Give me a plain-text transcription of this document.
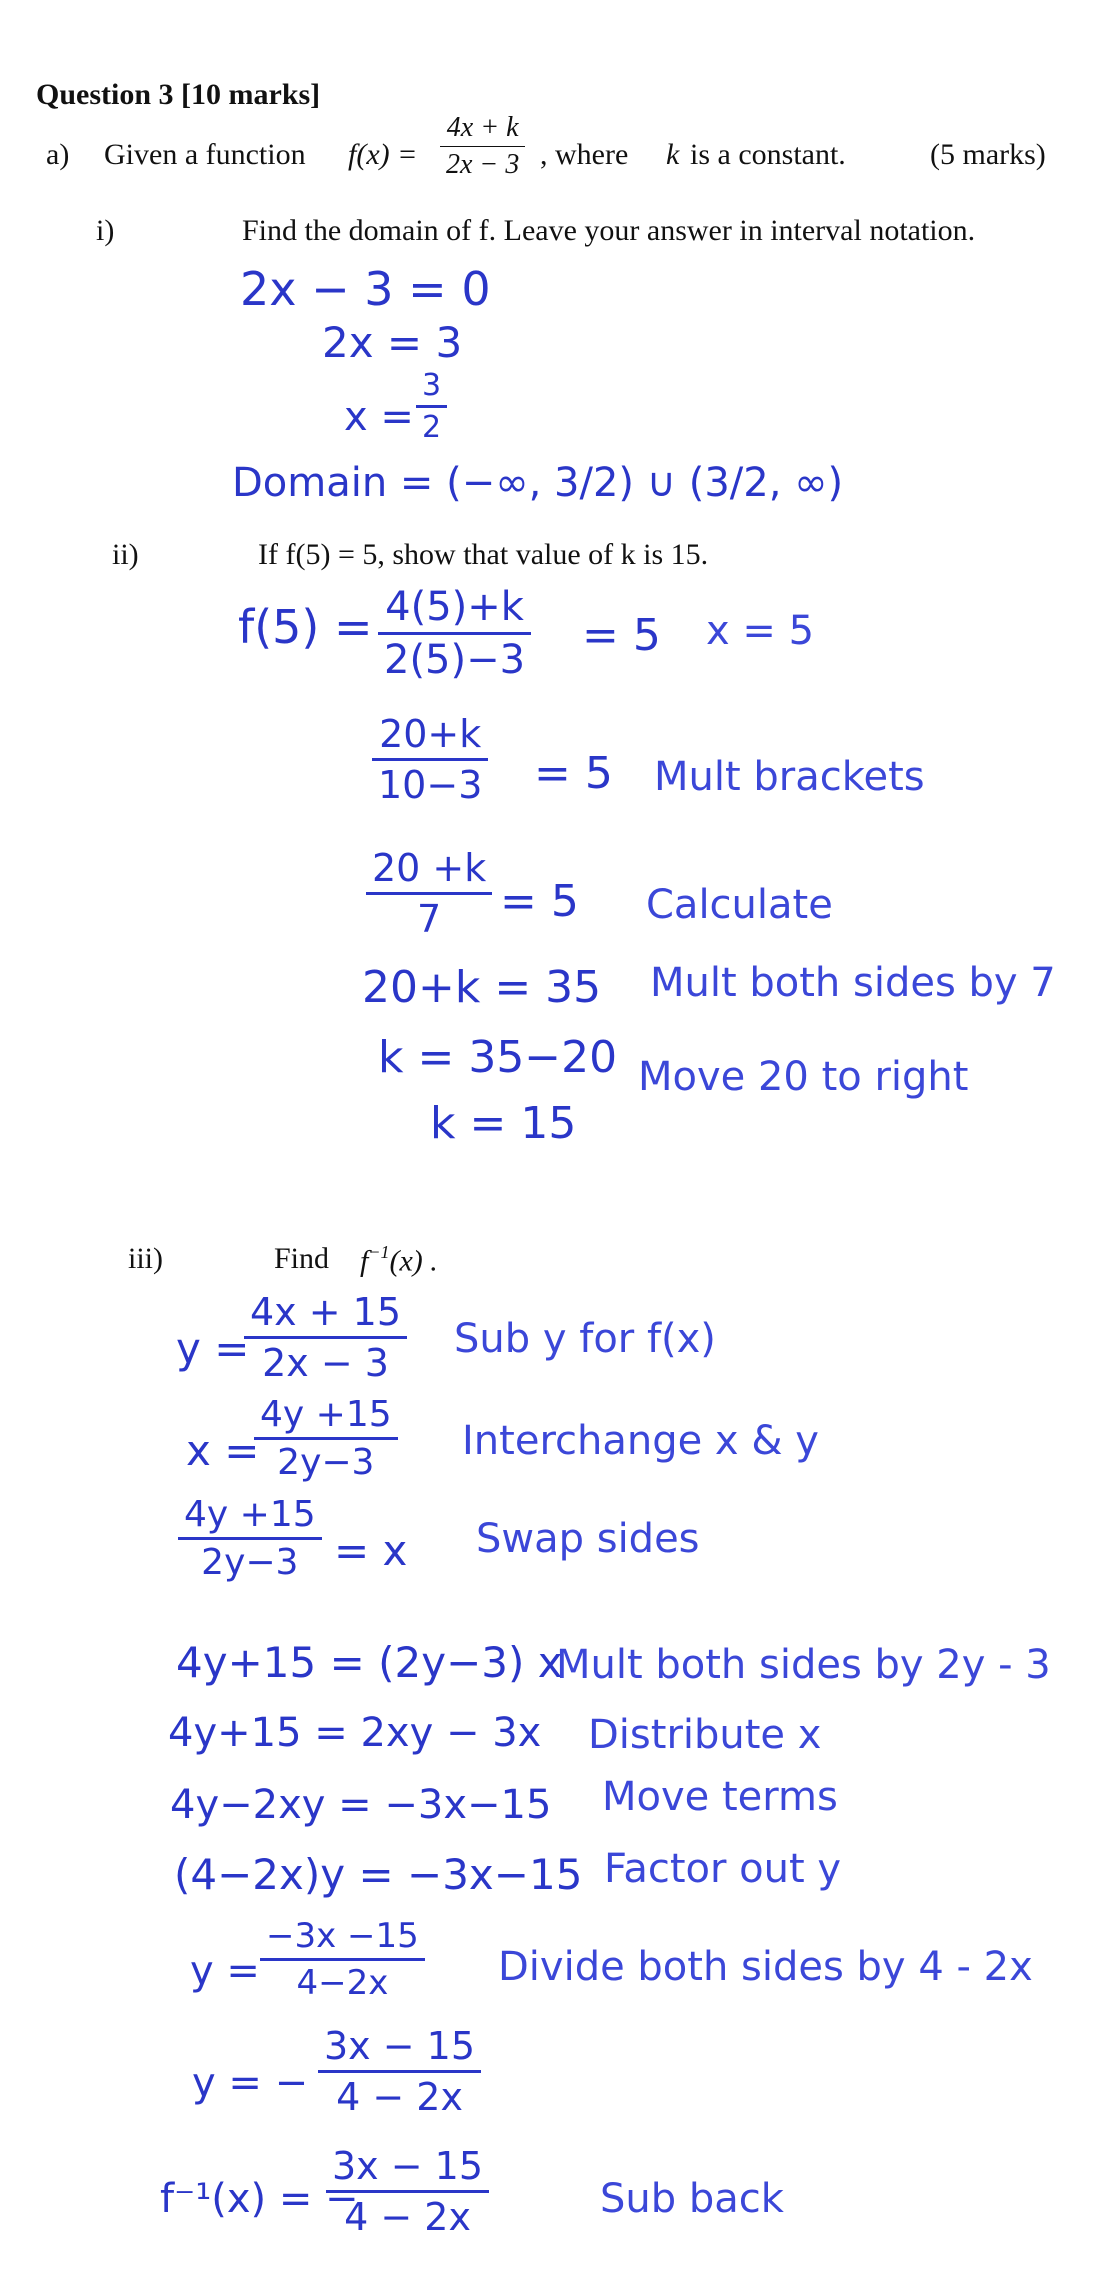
Question 3 [10 marks]
a) Given a function $f(x) = \frac{4x + k}{2x - 3}$ , where k is a constant.	(5 marks)
i)	Find the domain of f. Leave your answer in interval notation.
2x − 3 = 0
2x = 3
$x = \frac{3}{2}$
Domain = (−∞, 3/2) ∪ (3/2, ∞)
ii)	If f(5) = 5, show that value of k is 15.
$f(5) = \frac{4(5)+k}{2(5)-3} = 5$ x = 5
$\frac{20+k}{10-3} = 5$ Mult brackets
$\frac{20 +k}{7} = 5$ Calculate
20+k = 35 Mult both sides by 7
k = 35−20 Move 20 to right
k = 15
iii)	Find $f^{-1}(x)$ .
y =
$\frac{4x + 15}{2x - 3}$ Sub y for f(x)
x =
$\frac{4y +15}{2y-3}$ Interchange x & y
$\frac{4y +15}{2y-3} = x$ Swap sides
4y+15 = (2y−3) x
Mult both sides by 2y - 3
4y+15 = 2xy − 3x Distribute x
4y−2xy = −3x−15 Move terms
(4−2x)y = −3x−15 Factor out y
$y = \frac{-3x -15}{4-2x}$ Divide both sides by 4 - 2x
y = − $\frac{3x - 15}{4 - 2x}$
f⁻¹(x) = −
$\frac{3x - 15}{4 - 2x}$	Sub back
